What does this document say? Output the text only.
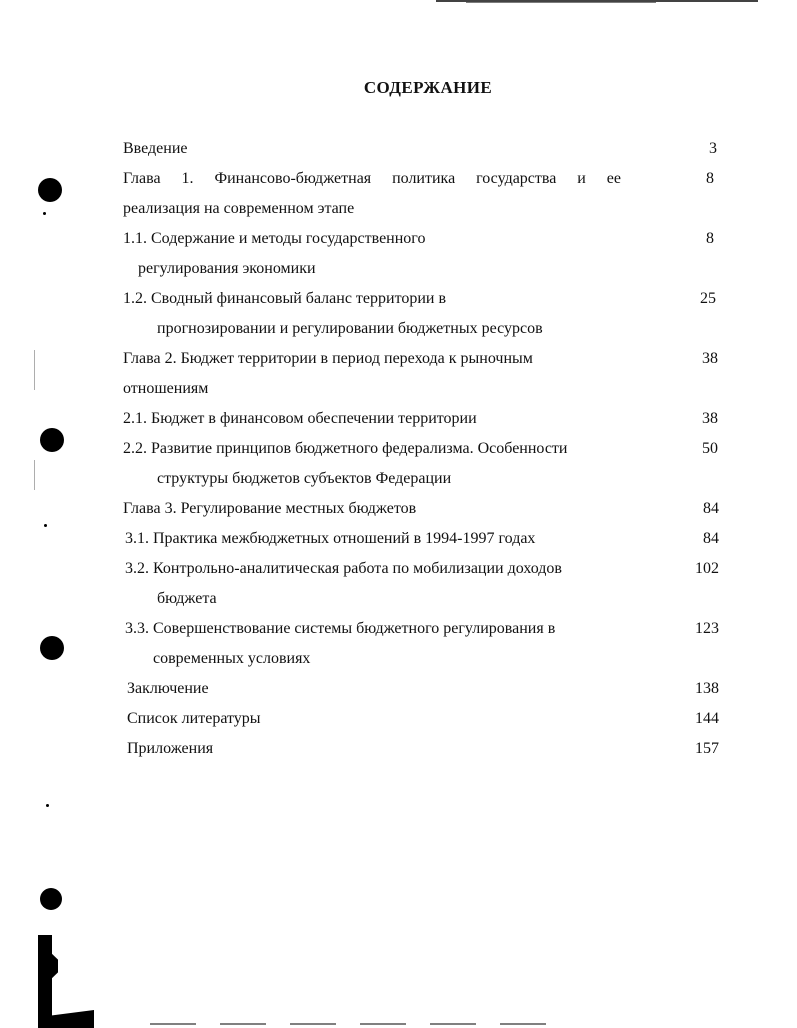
СОДЕРЖАНИЕ
Введение	3
Глава 1. Финансово-бюджетная политика государства и ее	8
реализация на современном этапе
1.1. Содержание и методы государственного	8
регулирования экономики
1.2. Сводный финансовый баланс территории в	25
прогнозировании и регулировании бюджетных ресурсов
Глава 2. Бюджет территории в период перехода к рыночным	38
отношениям
2.1. Бюджет в финансовом обеспечении территории	38
2.2. Развитие принципов бюджетного федерализма. Особенности	50
структуры бюджетов субъектов Федерации
Глава 3. Регулирование местных бюджетов	84
3.1. Практика межбюджетных отношений в 1994-1997 годах	84
3.2. Контрольно-аналитическая работа по мобилизации доходов	102
бюджета
3.3. Совершенствование системы бюджетного регулирования в	123
современных условиях
Заключение	138
Список литературы	144
Приложения	157
